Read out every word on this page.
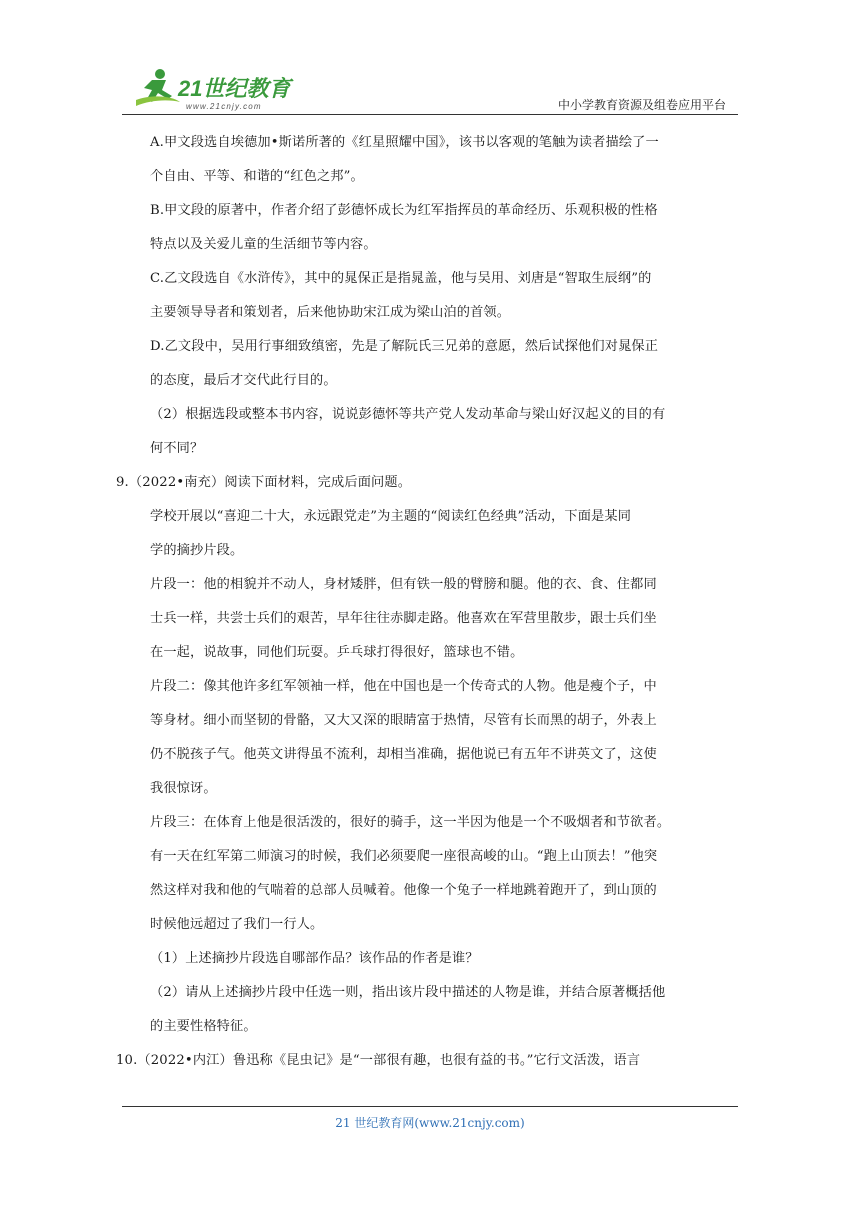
21世纪教育
www.21cnjy.com	中小学教育资源及组卷应用平台
A.甲文段选自埃德加•斯诺所著的《红星照耀中国》，该书以客观的笔触为读者描绘了一
个自由、平等、和谐的“红色之邦”。
B.甲文段的原著中，作者介绍了彭德怀成长为红军指挥员的革命经历、乐观积极的性格
特点以及关爱儿童的生活细节等内容。
C.乙文段选自《水浒传》，其中的晁保正是指晁盖，他与吴用、刘唐是“智取生辰纲”的
主要领导导者和策划者，后来他协助宋江成为梁山泊的首领。
D.乙文段中，吴用行事细致缜密，先是了解阮氏三兄弟的意愿，然后试探他们对晁保正
的态度，最后才交代此行目的。
（2）根据选段或整本书内容，说说彭德怀等共产党人发动革命与梁山好汉起义的目的有
何不同？
9.（2022•南充）阅读下面材料，完成后面问题。
学校开展以“喜迎二十大，永远跟党走”为主题的“阅读红色经典”活动，下面是某同
学的摘抄片段。
片段一：他的相貌并不动人，身材矮胖，但有铁一般的臂膀和腿。他的衣、食、住都同
士兵一样，共尝士兵们的艰苦，早年往往赤脚走路。他喜欢在军营里散步，跟士兵们坐
在一起，说故事，同他们玩耍。乒乓球打得很好，篮球也不错。
片段二：像其他许多红军领袖一样，他在中国也是一个传奇式的人物。他是瘦个子，中
等身材。细小而坚韧的骨骼，又大又深的眼睛富于热情，尽管有长而黑的胡子，外表上
仍不脱孩子气。他英文讲得虽不流利，却相当准确，据他说已有五年不讲英文了，这使
我很惊讶。
片段三：在体育上他是很活泼的，很好的骑手，这一半因为他是一个不吸烟者和节欲者。
有一天在红军第二师演习的时候，我们必须要爬一座很高峻的山。“跑上山顶去！”他突
然这样对我和他的气喘着的总部人员喊着。他像一个兔子一样地跳着跑开了，到山顶的
时候他远超过了我们一行人。
（1）上述摘抄片段选自哪部作品？该作品的作者是谁？
（2）请从上述摘抄片段中任选一则，指出该片段中描述的人物是谁，并结合原著概括他
的主要性格特征。
10.（2022•内江）鲁迅称《昆虫记》是“一部很有趣，也很有益的书。”它行文活泼，语言
21 世纪教育网(www.21cnjy.com)
